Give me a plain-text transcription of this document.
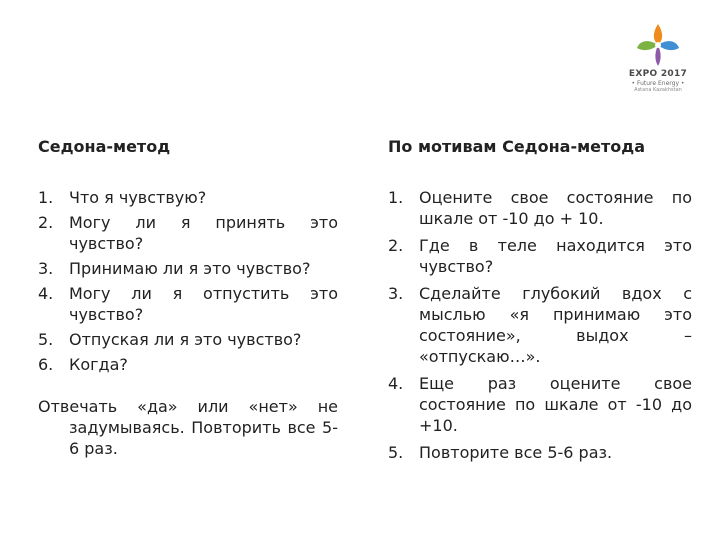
EXPO 2017
• Future Energy •
Astana Kazakhstan
Седона-метод
1. Что я чувствую?
2. Могу ли я принять это чувство?
3. Принимаю ли я это чувство?
4. Могу ли я отпустить это чувство?
5. Отпуская ли я это чувство?
6. Когда?
Отвечать «да» или «нет» не задумываясь. Повторить все 5-6 раз.
По мотивам Седона-метода
1. Оцените свое состояние по шкале от -10 до + 10.
2. Где в теле находится это чувство?
3. Сделайте глубокий вдох с мыслью «я принимаю это состояние», выдох – «отпускаю…».
4. Еще раз оцените свое состояние по шкале от -10 до +10.
5. Повторите все 5-6 раз.
